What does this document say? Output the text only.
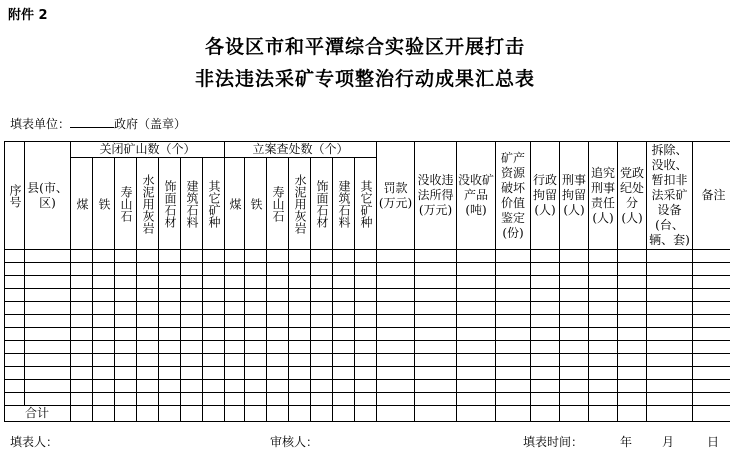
附件 2
各设区市和平潭综合实验区开展打击
非法违法采矿专项整治行动成果汇总表
填表单位：	政府（盖章）
序号	县(市、区)	关闭矿山数（个）							立案查处数（个）							罚款(万元)	没收违法所得(万元)	没收矿产品(吨)	矿产资源破坏价值鉴定(份)	行政拘留(人)	刑事拘留(人)	追究刑事责任(人)	党政纪处分(人)	拆除、没收、暂扣非法采矿设备(台、辆、套)	备注

		煤	铁	寿山石	水泥用灰岩	饰面石材	建筑石料	其它矿种	煤	铁	寿山石	水泥用灰岩	饰面石材	建筑石料	其它矿种										

合计																									
填表人：	审核人：	填表时间：	年 月	日
